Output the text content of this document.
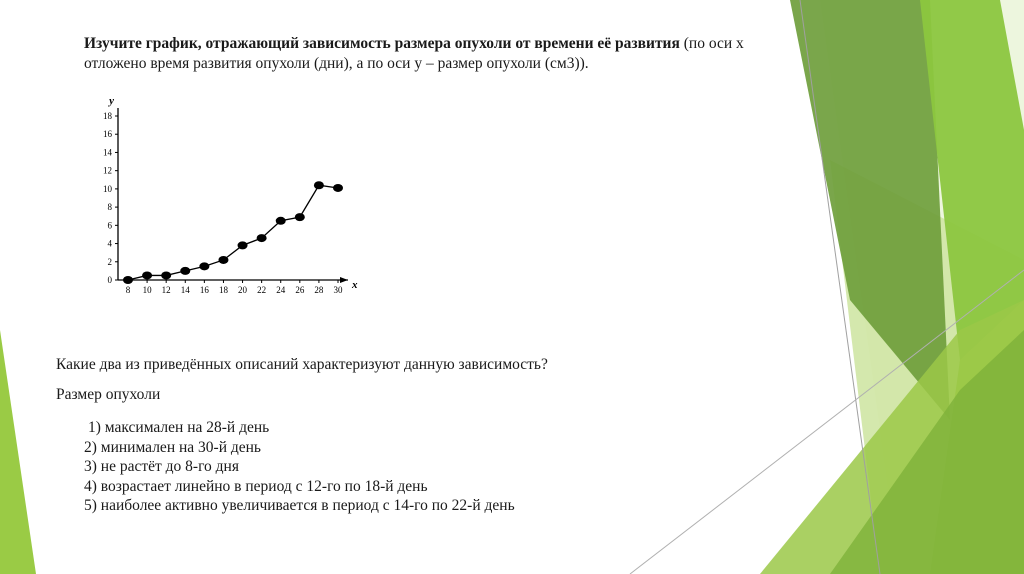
Изучите график, отражающий зависимость размера опухоли от времени её развития (по оси x отложено время развития опухоли (дни), а по оси y – размер опухоли (см3)).

y
x
0
2
4
6
8
10
12
14
16
18
8 10 12 14 16 18 20 22 24 26 28 30

Какие два из приведённых описаний характеризуют данную зависимость?

Размер опухоли

1) максимален на 28-й день
2) минимален на 30-й день
3) не растёт до 8-го дня
4) возрастает линейно в период с 12-го по 18-й день
5) наиболее активно увеличивается в период с 14-го по 22-й день
